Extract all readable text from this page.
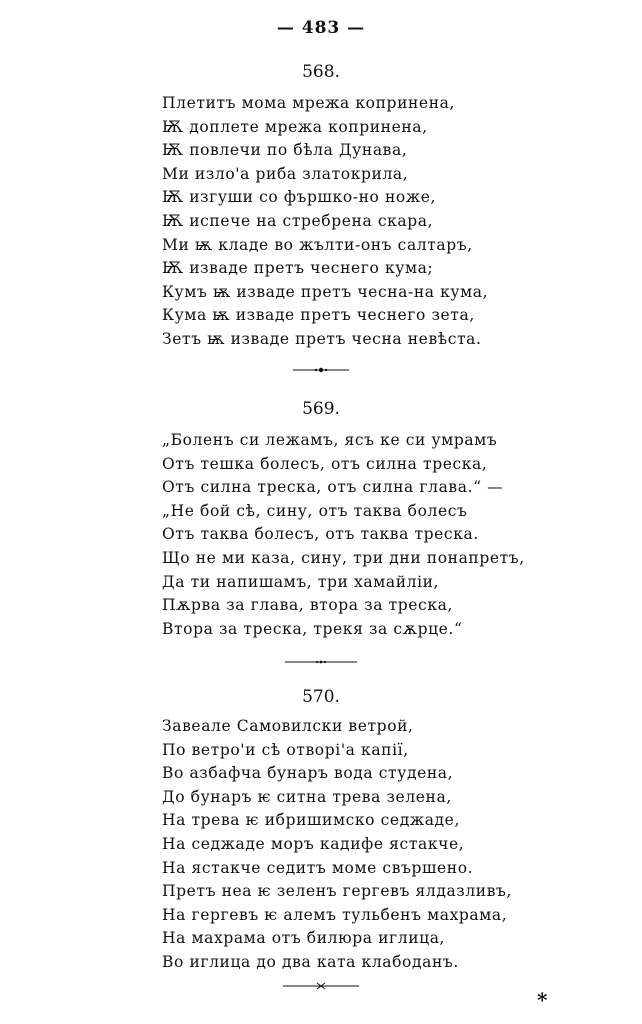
— 483 —
568.
Плетитъ мома мрежа копринена,
Ѭ доплете мрежа копринена,
Ѭ повлечи по бѣла Дунава,
Ми изло'а риба златокрила,
Ѭ изгуши со фършко-но ноже,
Ѭ испече на стребрена скара,
Ми ѭ кладе во жълти-онъ салтаръ,
Ѭ изваде претъ чеснего кума;
Кумъ ѭ изваде претъ чесна-на кума,
Кума ѭ изваде претъ чеснего зета,
Зетъ ѭ изваде претъ чесна невѣста.
569.
„Боленъ си лежамъ, ясъ ке си умрамъ
Отъ тешка болесъ, отъ силна треска,
Отъ силна треска, отъ силна глава.“ —
„Не бой сѣ, сину, отъ таква болесъ
Отъ таква болесъ, отъ таква треска.
Що не ми каза, сину, три дни понапретъ,
Да ти напишамъ, три хамайліи,
Пѫрва за глава, втора за треска,
Втора за треска, трекя за сѫрце.“
570.
Завеале Самовилски ветрой,
По ветро'и сѣ отворі'а капії,
Во азбафча бунаръ вода студена,
До бунаръ ѥ ситна трева зелена,
На трева ѥ ибришимско седжаде,
На седжаде моръ кадифе ястакче,
На ястакче седитъ моме свършено.
Претъ неа ѥ зеленъ гергевъ ялдазливъ,
На гергевъ ѥ алемъ тульбенъ махрама,
На махрама отъ билюра иглица,
Во иглица до два ката клабоданъ.
*
